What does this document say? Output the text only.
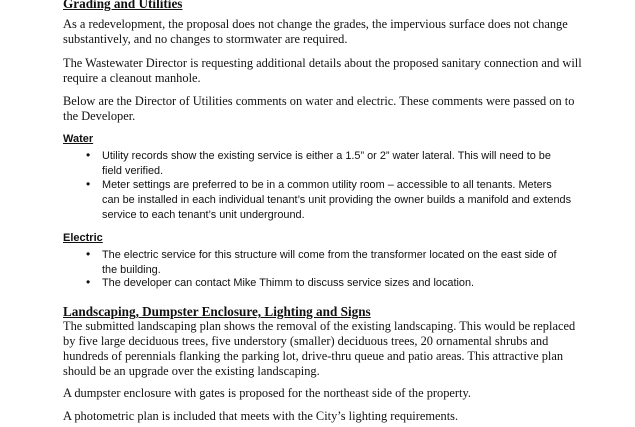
Grading and Utilities

As a redevelopment, the proposal does not change the grades, the impervious surface does not change substantively, and no changes to stormwater are required.

The Wastewater Director is requesting additional details about the proposed sanitary connection and will require a cleanout manhole.

Below are the Director of Utilities comments on water and electric. These comments were passed on to the Developer.

Water
• Utility records show the existing service is either a 1.5” or 2” water lateral. This will need to be field verified.

• Meter settings are preferred to be in a common utility room – accessible to all tenants. Meters can be installed in each individual tenant’s unit providing the owner builds a manifold and extends service to each tenant’s unit underground.

Electric
• The electric service for this structure will come from the transformer located on the east side of the building.

• The developer can contact Mike Thimm to discuss service sizes and location.

Landscaping, Dumpster Enclosure, Lighting and Signs

The submitted landscaping plan shows the removal of the existing landscaping. This would be replaced by five large deciduous trees, five understory (smaller) deciduous trees, 20 ornamental shrubs and hundreds of perennials flanking the parking lot, drive-thru queue and patio areas. This attractive plan should be an upgrade over the existing landscaping.

A dumpster enclosure with gates is proposed for the northeast side of the property.

A photometric plan is included that meets with the City’s lighting requirements.
